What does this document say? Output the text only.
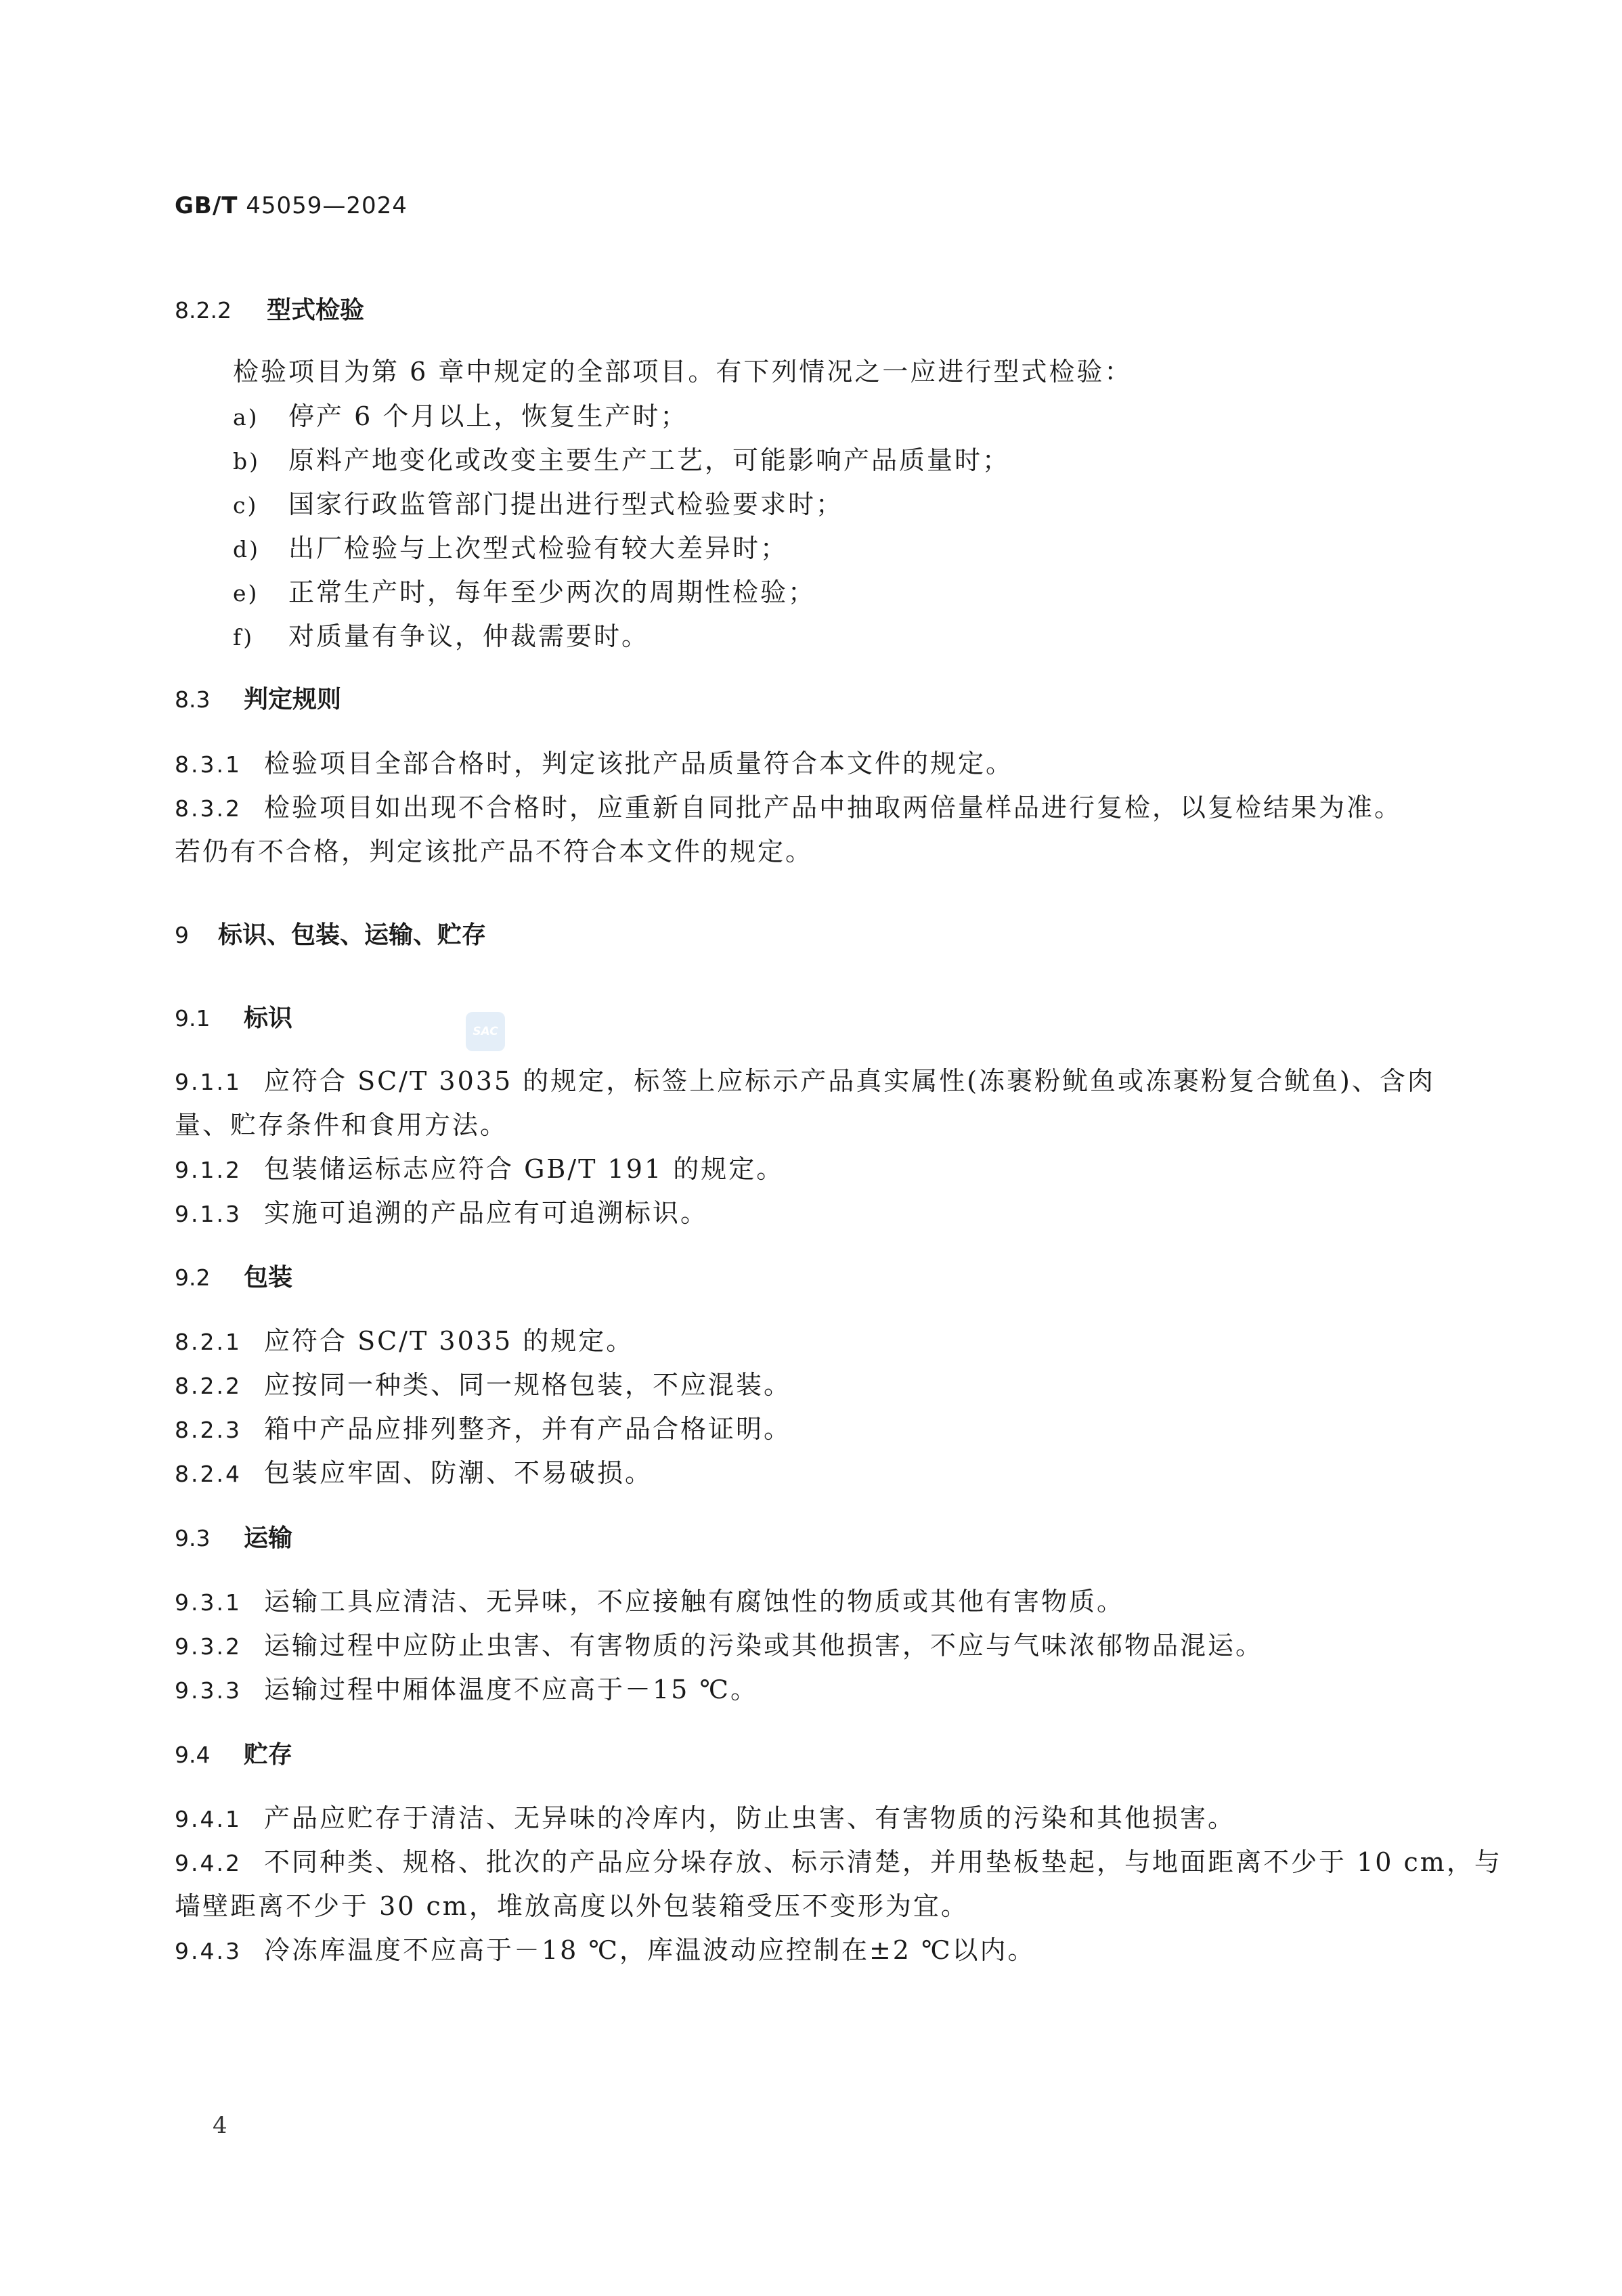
GB/T 45059—2024
8.2.2 型式检验
检验项目为第 6 章中规定的全部项目。有下列情况之一应进行型式检验：
a) 停产 6 个月以上，恢复生产时；
b) 原料产地变化或改变主要生产工艺，可能影响产品质量时；
c) 国家行政监管部门提出进行型式检验要求时；
d) 出厂检验与上次型式检验有较大差异时；
e) 正常生产时，每年至少两次的周期性检验；
f) 对质量有争议，仲裁需要时。
8.3 判定规则
8.3.1 检验项目全部合格时，判定该批产品质量符合本文件的规定。
8.3.2 检验项目如出现不合格时，应重新自同批产品中抽取两倍量样品进行复检，以复检结果为准。
若仍有不合格，判定该批产品不符合本文件的规定。
9 标识、包装、运输、贮存
9.1 标识	SAC
9.1.1 应符合 SC/T 3035 的规定，标签上应标示产品真实属性(冻裹粉鱿鱼或冻裹粉复合鱿鱼)、含肉
量、贮存条件和食用方法。
9.1.2 包装储运标志应符合 GB/T 191 的规定。
9.1.3 实施可追溯的产品应有可追溯标识。
9.2 包装
8.2.1 应符合 SC/T 3035 的规定。
8.2.2 应按同一种类、同一规格包装，不应混装。
8.2.3 箱中产品应排列整齐，并有产品合格证明。
8.2.4 包装应牢固、防潮、不易破损。
9.3 运输
9.3.1 运输工具应清洁、无异味，不应接触有腐蚀性的物质或其他有害物质。
9.3.2 运输过程中应防止虫害、有害物质的污染或其他损害，不应与气味浓郁物品混运。
9.3.3 运输过程中厢体温度不应高于－15 ℃。
9.4 贮存
9.4.1 产品应贮存于清洁、无异味的冷库内，防止虫害、有害物质的污染和其他损害。
9.4.2 不同种类、规格、批次的产品应分垛存放、标示清楚，并用垫板垫起，与地面距离不少于 10 cm，与
墙壁距离不少于 30 cm，堆放高度以外包装箱受压不变形为宜。
9.4.3 冷冻库温度不应高于－18 ℃，库温波动应控制在±2 ℃以内。
4
